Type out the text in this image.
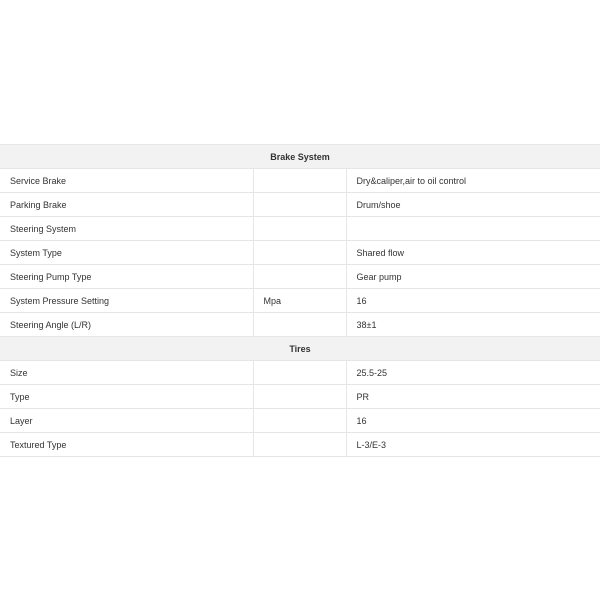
Brake System		
Service Brake		Dry&caliper,air to oil control
Parking Brake		Drum/shoe
Steering System		
System Type		Shared flow
Steering Pump Type		Gear pump
System Pressure Setting	Mpa	16
Steering Angle (L/R)		38±1
Tires		
Size		25.5-25
Type		PR
Layer		16
Textured Type		L-3/E-3
